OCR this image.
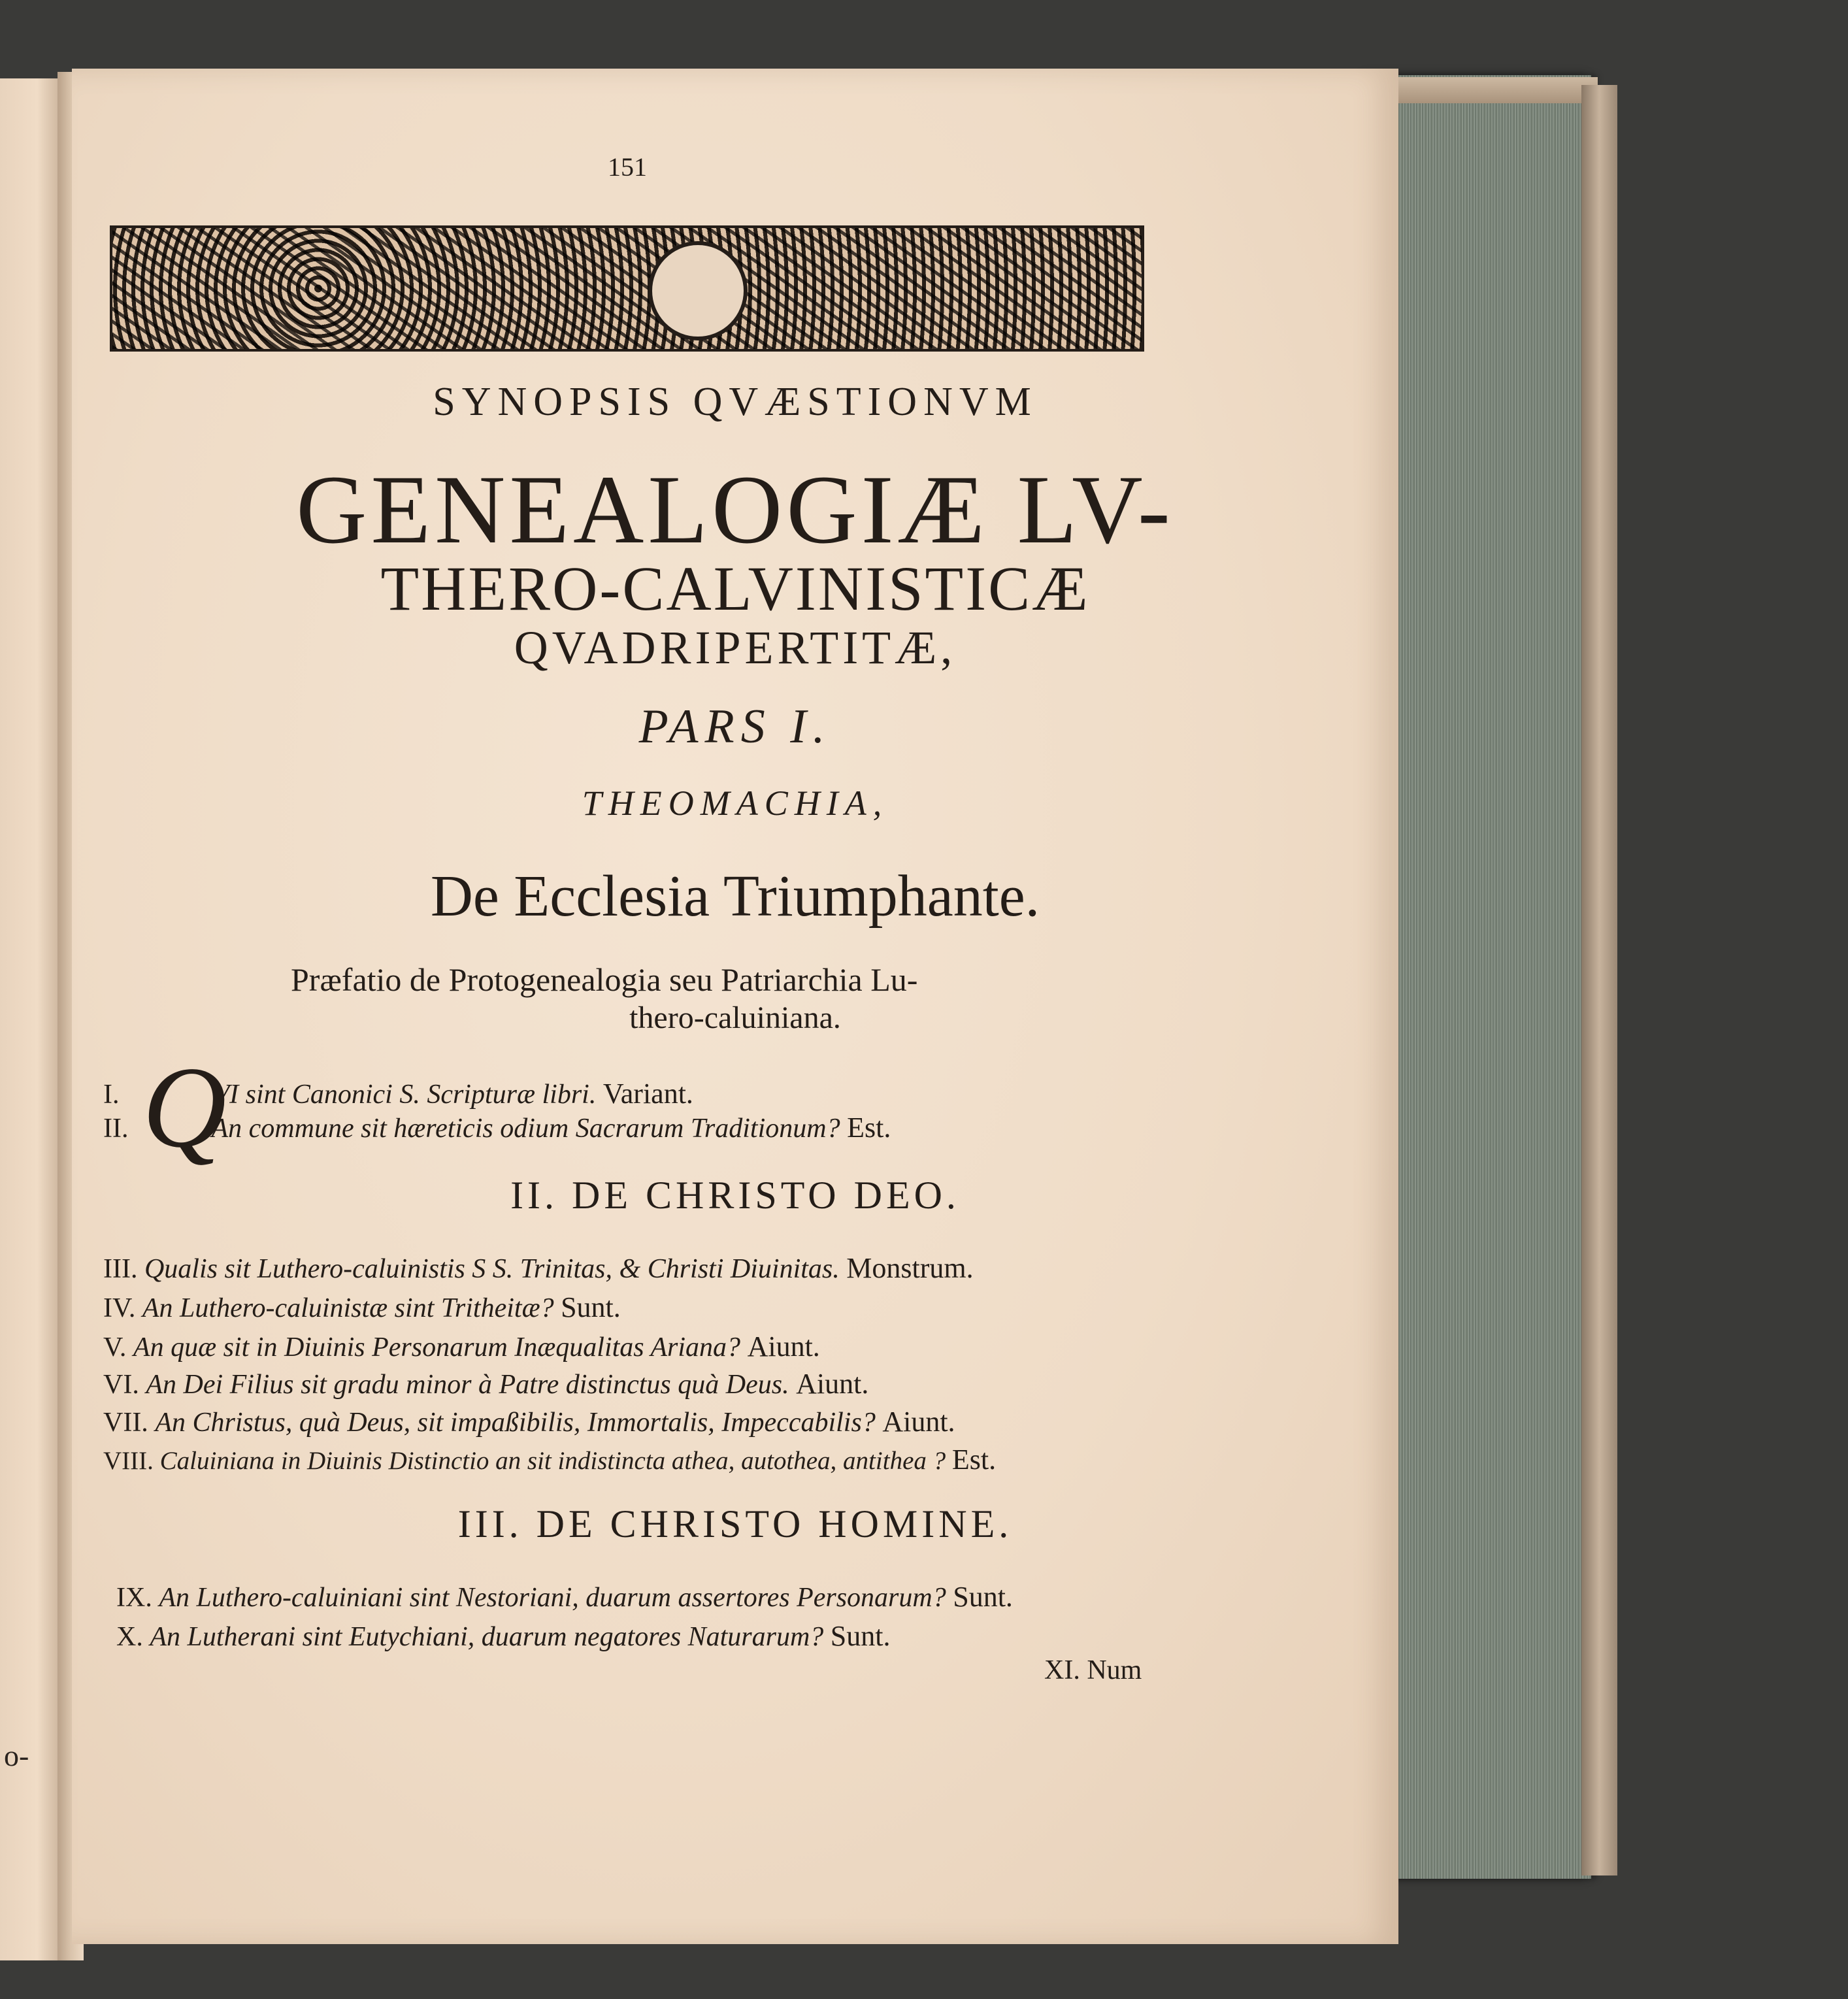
o-
151
SYNOPSIS QVÆSTIONVM
GENEALOGIÆ LV-
THERO-CALVINISTICÆ
QVADRIPERTITÆ,
PARS I.
THEOMACHIA,
De Ecclesia Triumphante.
Præfatio de Protogenealogia seu Patriarchia Lu-
thero-caluiniana.
Q
I.	VI sint Canonici S. Scripturæ libri. Variant.
II.	An commune sit hæreticis odium Sacrarum Traditionum? Est.
II. DE CHRISTO DEO.
III. Qualis sit Luthero-caluinistis S S. Trinitas, & Christi Diuinitas. Monstrum.
IV. An Luthero-caluinistæ sint Tritheitæ? Sunt.
V. An quæ sit in Diuinis Personarum Inæqualitas Ariana? Aiunt.
VI. An Dei Filius sit gradu minor à Patre distinctus quà Deus. Aiunt.
VII. An Christus, quà Deus, sit impaßibilis, Immortalis, Impeccabilis? Aiunt.
VIII. Caluiniana in Diuinis Distinctio an sit indistincta athea, autothea, antithea ? Est.
III. DE CHRISTO HOMINE.
IX. An Luthero-caluiniani sint Nestoriani, duarum assertores Personarum? Sunt.
X. An Lutherani sint Eutychiani, duarum negatores Naturarum? Sunt.
XI. Num
